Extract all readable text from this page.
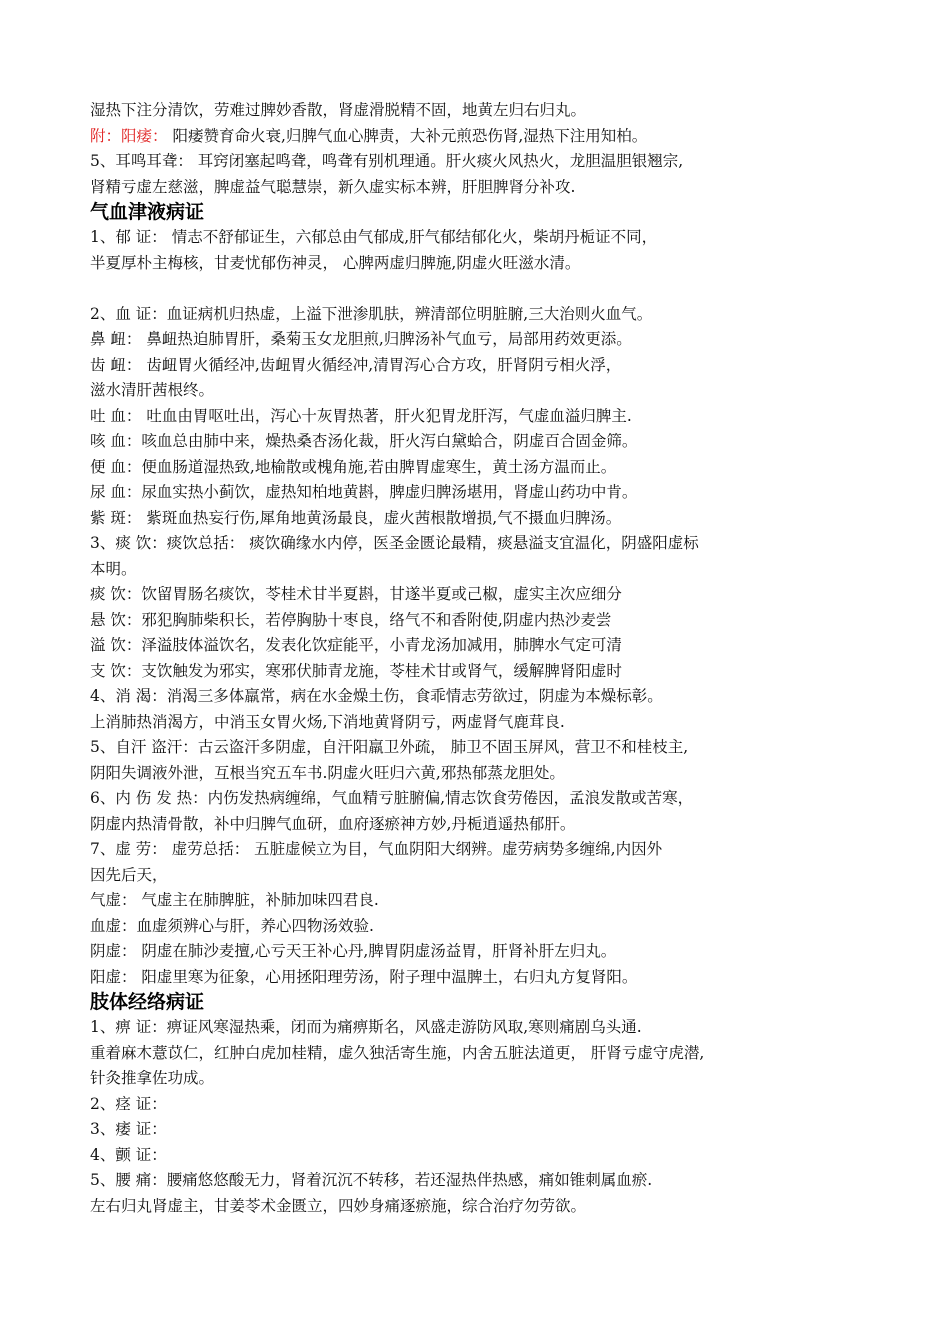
湿热下注分清饮，劳难过脾妙香散，肾虚滑脱精不固，地黄左归右归丸。
附：阳痿： 阳痿赞育命火衰,归脾气血心脾责，大补元煎恐伤肾,湿热下注用知柏。
5、耳鸣耳聋： 耳窍闭塞起鸣聋，鸣聋有别机理通。肝火痰火风热火，龙胆温胆银翘宗,
肾精亏虚左慈滋，脾虚益气聪慧崇，新久虚实标本辨，肝胆脾肾分补攻.
气血津液病证
1、郁 证： 情志不舒郁证生，六郁总由气郁成,肝气郁结郁化火，柴胡丹栀证不同，
半夏厚朴主梅核，甘麦忧郁伤神灵， 心脾两虚归脾施,阴虚火旺滋水清。
2、血 证：血证病机归热虚，上溢下泄渗肌肤，辨清部位明脏腑,三大治则火血气。
鼻 衄： 鼻衄热迫肺胃肝，桑菊玉女龙胆煎,归脾汤补气血亏，局部用药效更添。
齿 衄： 齿衄胃火循经冲,齿衄胃火循经冲,清胃泻心合方攻，肝肾阴亏相火浮，
滋水清肝茜根终。
吐 血： 吐血由胃呕吐出，泻心十灰胃热著，肝火犯胃龙肝泻，气虚血溢归脾主.
咳 血：咳血总由肺中来，燥热桑杏汤化裁，肝火泻白黛蛤合，阴虚百合固金筛。
便 血：便血肠道湿热致,地榆散或槐角施,若由脾胃虚寒生，黄土汤方温而止。
尿 血：尿血实热小蓟饮，虚热知柏地黄斟，脾虚归脾汤堪用，肾虚山药功中肯。
紫 斑： 紫斑血热妄行伤,犀角地黄汤最良，虚火茜根散增损,气不摄血归脾汤。
3、痰 饮：痰饮总括： 痰饮确缘水内停，医圣金匮论最精，痰悬溢支宜温化，阴盛阳虚标
本明。
痰 饮：饮留胃肠名痰饮，苓桂术甘半夏斟，甘遂半夏或己椒，虚实主次应细分
悬 饮：邪犯胸肺柴积长，若停胸胁十枣良，络气不和香附使,阴虚内热沙麦尝
溢 饮：泽溢肢体溢饮名，发表化饮症能平，小青龙汤加减用，肺脾水气定可清
支 饮：支饮触发为邪实，寒邪伏肺青龙施，苓桂术甘或肾气，缓解脾肾阳虚时
4、消 渴：消渴三多体羸常，病在水金燥土伤，食乖情志劳欲过，阴虚为本燥标彰。
上消肺热消渴方，中消玉女胃火炀,下消地黄肾阴亏，两虚肾气鹿茸良.
5、自汗 盗汗：古云盗汗多阴虚，自汗阳羸卫外疏， 肺卫不固玉屏风，营卫不和桂枝主,
阴阳失调液外泄，互根当究五车书.阴虚火旺归六黄,邪热郁蒸龙胆处。
6、内 伤 发 热：内伤发热病缠绵，气血精亏脏腑偏,情志饮食劳倦因，孟浪发散或苦寒，
阴虚内热清骨散，补中归脾气血研，血府逐瘀神方妙,丹栀逍遥热郁肝。
7、虚 劳： 虚劳总括： 五脏虚候立为目，气血阴阳大纲辨。虚劳病势多缠绵,内因外
因先后天，
气虚： 气虚主在肺脾脏，补肺加味四君良.
血虚：血虚须辨心与肝，养心四物汤效验.
阴虚： 阴虚在肺沙麦擅,心亏天王补心丹,脾胃阴虚汤益胃，肝肾补肝左归丸。
阳虚： 阳虚里寒为征象，心用拯阳理劳汤，附子理中温脾土，右归丸方复肾阳。
肢体经络病证
1、痹 证：痹证风寒湿热乘，闭而为痛痹斯名，风盛走游防风取,寒则痛剧乌头通.
重着麻木薏苡仁，红肿白虎加桂精，虚久独活寄生施，内舍五脏法道更， 肝肾亏虚守虎潜,
针灸推拿佐功成。
2、痉 证：
3、痿 证：
4、颤 证：
5、腰 痛：腰痛悠悠酸无力，肾着沉沉不转移，若还湿热伴热感，痛如锥刺属血瘀.
左右归丸肾虚主，甘姜苓术金匮立，四妙身痛逐瘀施，综合治疗勿劳欲。
